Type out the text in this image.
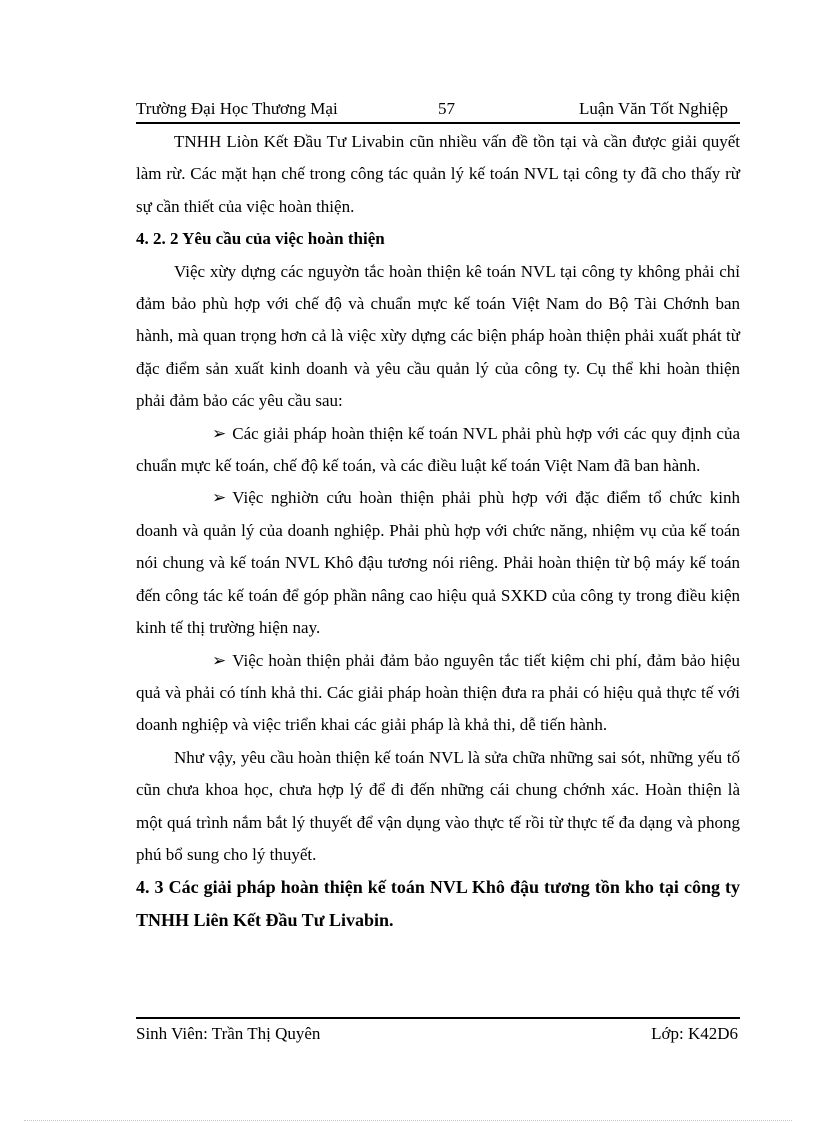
Trường Đại Học Thương Mại	57	Luận Văn Tốt Nghiệp

TNHH Liòn Kết Đầu Tư Livabin cũn nhiều vấn đề tồn tại và cần được giải quyết làm rừ. Các mặt hạn chế trong công tác quản lý kế toán NVL tại công ty đã cho thấy rừ sự cần thiết của việc hoàn thiện.

4. 2. 2 Yêu cầu của việc hoàn thiện

Việc xừy dựng các nguyờn tắc hoàn thiện kê toán NVL tại công ty không phải chỉ đảm bảo phù hợp với chế độ và chuẩn mực kế toán Việt Nam do Bộ Tài Chớnh ban hành, mà quan trọng hơn cả là việc xừy dựng các biện pháp hoàn thiện phải xuất phát từ đặc điểm sản xuất kinh doanh và yêu cầu quản lý của công ty. Cụ thể khi hoàn thiện phải đảm bảo các yêu cầu sau:

➢ Các giải pháp hoàn thiện kế toán NVL phải phù hợp với các quy định của chuẩn mực kế toán, chế độ kế toán, và các điều luật kế toán Việt Nam đã ban hành.

➢ Việc nghiờn cứu hoàn thiện phải phù hợp với đặc điểm tổ chức kinh doanh và quản lý của doanh nghiệp. Phải phù hợp với chức năng, nhiệm vụ của kế toán nói chung và kế toán NVL Khô đậu tương nói riêng. Phải hoàn thiện từ bộ máy kế toán đến công tác kế toán để góp phần nâng cao hiệu quả SXKD của công ty trong điều kiện kinh tế thị trường hiện nay.

➢ Việc hoàn thiện phải đảm bảo nguyên tắc tiết kiệm chi phí, đảm bảo hiệu quả và phải có tính khả thi. Các giải pháp hoàn thiện đưa ra phải có hiệu quả thực tế với doanh nghiệp và việc triển khai các giải pháp là khả thi, dễ tiến hành.

Như vậy, yêu cầu hoàn thiện kế toán NVL là sửa chữa những sai sót, những yếu tố cũn chưa khoa học, chưa hợp lý để đi đến những cái chung chớnh xác. Hoàn thiện là một quá trình nắm bắt lý thuyết để vận dụng vào thực tế rồi từ thực tế đa dạng và phong phú bổ sung cho lý thuyết.

4. 3 Các giải pháp hoàn thiện kế toán NVL Khô đậu tương tồn kho tại công ty TNHH Liên Kết Đầu Tư Livabin.
Sinh Viên: Trần Thị Quyên	Lớp: K42D6
